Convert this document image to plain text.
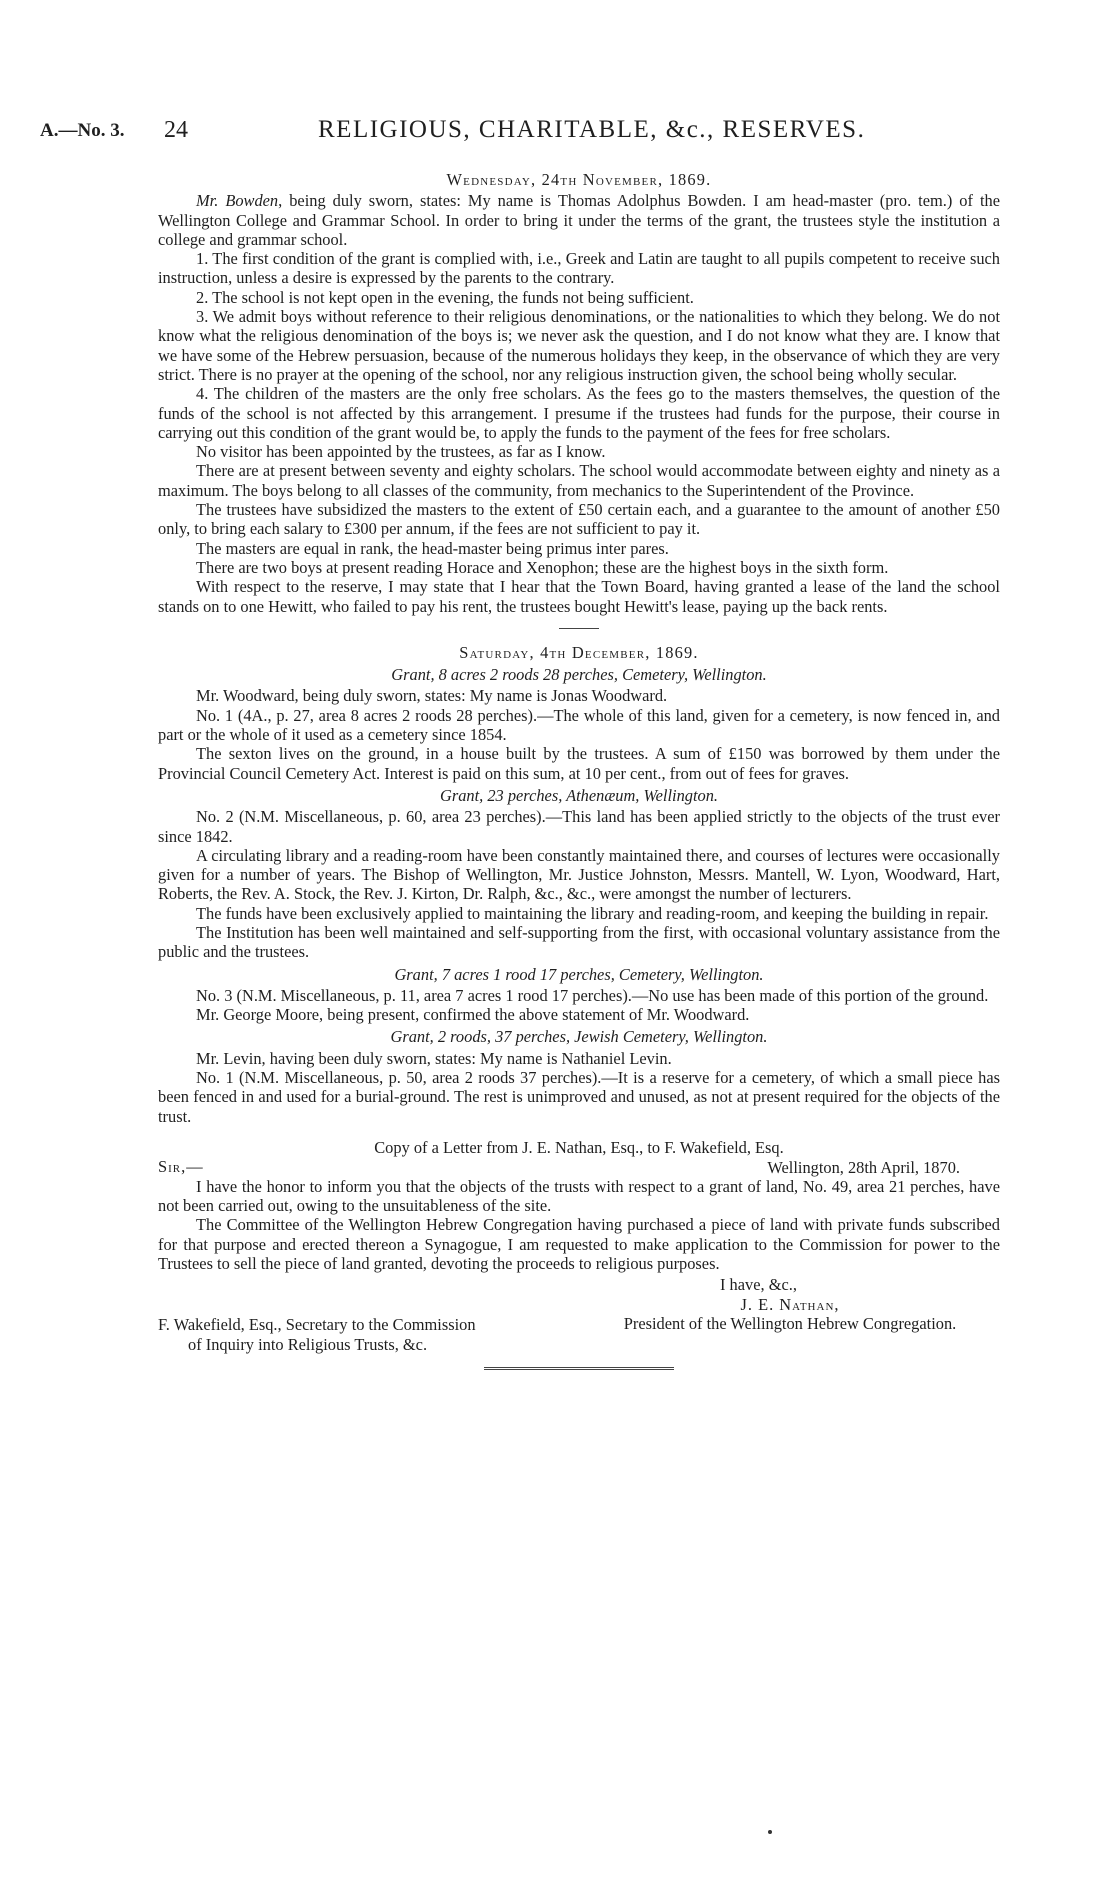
A.—No. 3. 24	RELIGIOUS, CHARITABLE, &c., RESERVES.

Wednesday, 24th November, 1869.

Mr. Bowden, being duly sworn, states: My name is Thomas Adolphus Bowden. I am head-master (pro. tem.) of the Wellington College and Grammar School. In order to bring it under the terms of the grant, the trustees style the institution a college and grammar school.

1. The first condition of the grant is complied with, i.e., Greek and Latin are taught to all pupils competent to receive such instruction, unless a desire is expressed by the parents to the contrary.

2. The school is not kept open in the evening, the funds not being sufficient.

3. We admit boys without reference to their religious denominations, or the nationalities to which they belong. We do not know what the religious denomination of the boys is; we never ask the question, and I do not know what they are. I know that we have some of the Hebrew persuasion, because of the numerous holidays they keep, in the observance of which they are very strict. There is no prayer at the opening of the school, nor any religious instruction given, the school being wholly secular.

4. The children of the masters are the only free scholars. As the fees go to the masters themselves, the question of the funds of the school is not affected by this arrangement. I presume if the trustees had funds for the purpose, their course in carrying out this condition of the grant would be, to apply the funds to the payment of the fees for free scholars.

No visitor has been appointed by the trustees, as far as I know.

There are at present between seventy and eighty scholars. The school would accommodate between eighty and ninety as a maximum. The boys belong to all classes of the community, from mechanics to the Superintendent of the Province.

The trustees have subsidized the masters to the extent of £50 certain each, and a guarantee to the amount of another £50 only, to bring each salary to £300 per annum, if the fees are not sufficient to pay it.

The masters are equal in rank, the head-master being primus inter pares.

There are two boys at present reading Horace and Xenophon; these are the highest boys in the sixth form.

With respect to the reserve, I may state that I hear that the Town Board, having granted a lease of the land the school stands on to one Hewitt, who failed to pay his rent, the trustees bought Hewitt's lease, paying up the back rents.

Saturday, 4th December, 1869.

Grant, 8 acres 2 roods 28 perches, Cemetery, Wellington.

Mr. Woodward, being duly sworn, states: My name is Jonas Woodward.

No. 1 (4A., p. 27, area 8 acres 2 roods 28 perches).—The whole of this land, given for a cemetery, is now fenced in, and part or the whole of it used as a cemetery since 1854.

The sexton lives on the ground, in a house built by the trustees. A sum of £150 was borrowed by them under the Provincial Council Cemetery Act. Interest is paid on this sum, at 10 per cent., from out of fees for graves.

Grant, 23 perches, Athenæum, Wellington.

No. 2 (N.M. Miscellaneous, p. 60, area 23 perches).—This land has been applied strictly to the objects of the trust ever since 1842.

A circulating library and a reading-room have been constantly maintained there, and courses of lectures were occasionally given for a number of years. The Bishop of Wellington, Mr. Justice Johnston, Messrs. Mantell, W. Lyon, Woodward, Hart, Roberts, the Rev. A. Stock, the Rev. J. Kirton, Dr. Ralph, &c., &c., were amongst the number of lecturers.

The funds have been exclusively applied to maintaining the library and reading-room, and keeping the building in repair.

The Institution has been well maintained and self-supporting from the first, with occasional voluntary assistance from the public and the trustees.

Grant, 7 acres 1 rood 17 perches, Cemetery, Wellington.

No. 3 (N.M. Miscellaneous, p. 11, area 7 acres 1 rood 17 perches).—No use has been made of this portion of the ground.

Mr. George Moore, being present, confirmed the above statement of Mr. Woodward.

Grant, 2 roods, 37 perches, Jewish Cemetery, Wellington.

Mr. Levin, having been duly sworn, states: My name is Nathaniel Levin.

No. 1 (N.M. Miscellaneous, p. 50, area 2 roods 37 perches).—It is a reserve for a cemetery, of which a small piece has been fenced in and used for a burial-ground. The rest is unimproved and unused, as not at present required for the objects of the trust.

Copy of a Letter from J. E. Nathan, Esq., to F. Wakefield, Esq.

Sir,—	Wellington, 28th April, 1870.

I have the honor to inform you that the objects of the trusts with respect to a grant of land, No. 49, area 21 perches, have not been carried out, owing to the unsuitableness of the site.

The Committee of the Wellington Hebrew Congregation having purchased a piece of land with private funds subscribed for that purpose and erected thereon a Synagogue, I am requested to make application to the Commission for power to the Trustees to sell the piece of land granted, devoting the proceeds to religious purposes.

I have, &c.,
J. E. Nathan,
President of the Wellington Hebrew Congregation.
F. Wakefield, Esq., Secretary to the Commission
of Inquiry into Religious Trusts, &c.
